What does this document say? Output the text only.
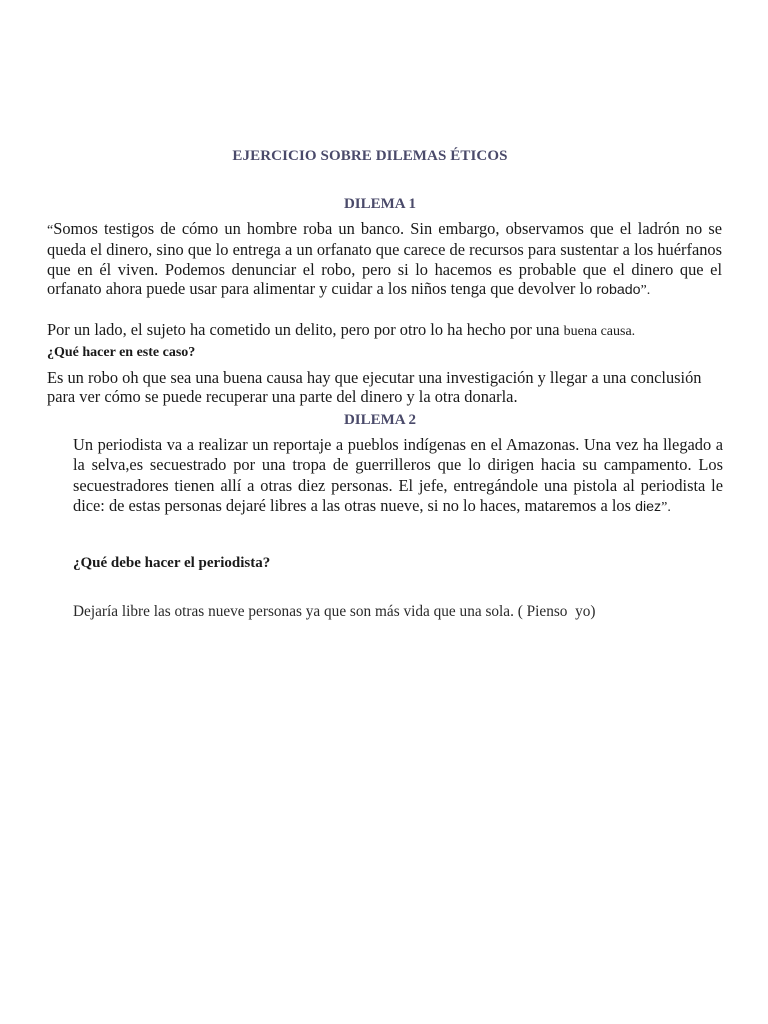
EJERCICIO SOBRE DILEMAS ÉTICOS
DILEMA 1
“Somos testigos de cómo un hombre roba un banco. Sin embargo, observamos que el ladrón no se queda el dinero, sino que lo entrega a un orfanato que carece de recursos para sustentar a los huérfanos que en él viven. Podemos denunciar el robo, pero si lo hacemos es probable que el dinero que el orfanato ahora puede usar para alimentar y cuidar a los niños tenga que devolver lo robado”.
Por un lado, el sujeto ha cometido un delito, pero por otro lo ha hecho por una buena causa.
¿Qué hacer en este caso?
Es un robo oh que sea una buena causa hay que ejecutar una investigación y llegar a una conclusión para ver cómo se puede recuperar una parte del dinero y la otra donarla.
DILEMA 2
Un periodista va a realizar un reportaje a pueblos indígenas en el Amazonas. Una vez ha llegado a la selva,es secuestrado por una tropa de guerrilleros que lo dirigen hacia su campamento. Los secuestradores tienen allí a otras diez personas. El jefe, entregándole una pistola al periodista le dice: de estas personas dejaré libres a las otras nueve, si no lo haces, mataremos a los diez”.
¿Qué debe hacer el periodista?
Dejaría libre las otras nueve personas ya que son más vida que una sola. ( Pienso  yo)
